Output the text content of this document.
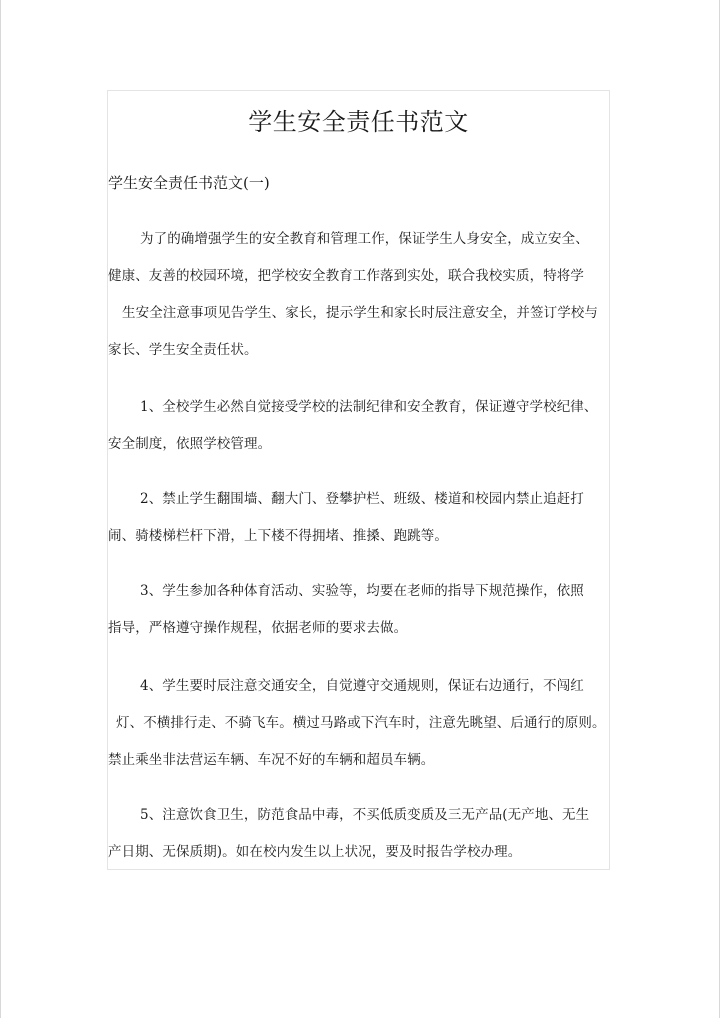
学生安全责任书范文
学生安全责任书范文(一)
为了的确增强学生的安全教育和管理工作，保证学生人身安全，成立安全、
健康、友善的校园环境，把学校安全教育工作落到实处，联合我校实质，特将学
生安全注意事项见告学生、家长，提示学生和家长时辰注意安全，并签订学校与
家长、学生安全责任状。
1、全校学生必然自觉接受学校的法制纪律和安全教育，保证遵守学校纪律、
安全制度，依照学校管理。
2、禁止学生翻围墙、翻大门、登攀护栏、班级、楼道和校园内禁止追赶打
闹、骑楼梯栏杆下滑，上下楼不得拥堵、推搡、跑跳等。
3、学生参加各种体育活动、实验等，均要在老师的指导下规范操作，依照
指导，严格遵守操作规程，依据老师的要求去做。
4、学生要时辰注意交通安全，自觉遵守交通规则，保证右边通行，不闯红
灯、不横排行走、不骑飞车。横过马路或下汽车时，注意先眺望、后通行的原则。
禁止乘坐非法营运车辆、车况不好的车辆和超员车辆。
5、注意饮食卫生，防范食品中毒，不买低质变质及三无产品(无产地、无生
产日期、无保质期)。如在校内发生以上状况，要及时报告学校办理。
